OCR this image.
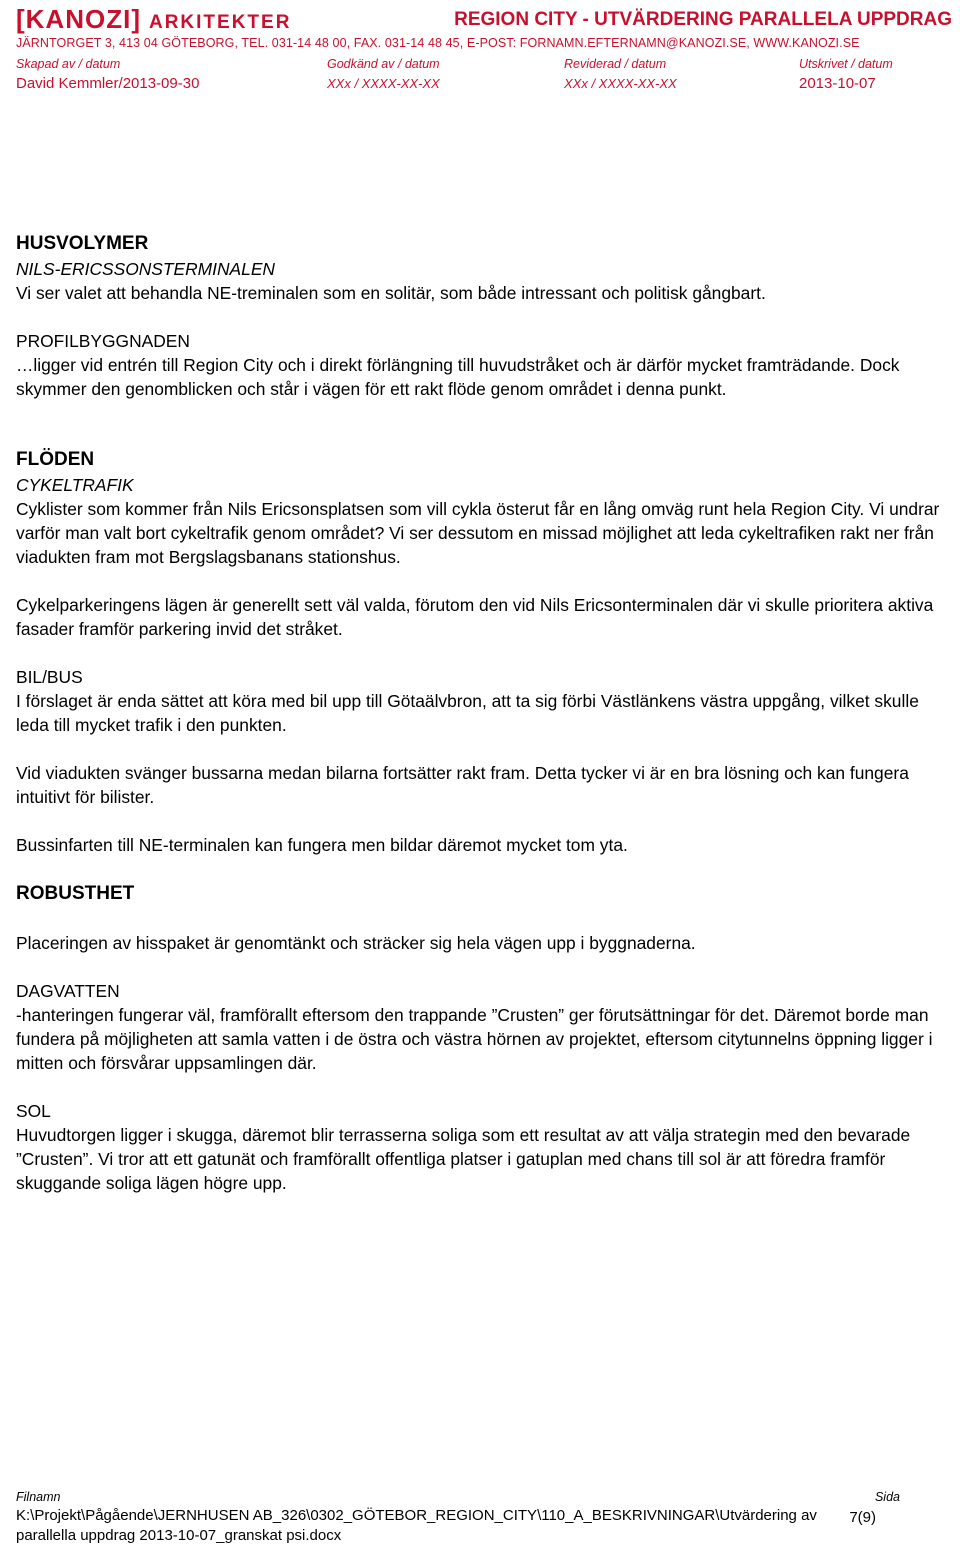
[KANOZI] ARKITEKTER	REGION CITY - UTVÄRDERING PARALLELA UPPDRAG
JÄRNTORGET 3, 413 04 GÖTEBORG, TEL. 031-14 48 00, FAX. 031-14 48 45, E-POST: FORNAMN.EFTERNAMN@KANOZI.SE, WWW.KANOZI.SE
Skapad av / datum
David Kemmler/2013-09-30
Godkänd av / datum
XXx / XXXX-XX-XX
Reviderad / datum
XXx / XXXX-XX-XX
Utskrivet / datum
2013-10-07

HUSVOLYMER

NILS-ERICSSONSTERMINALEN

Vi ser valet att behandla NE-treminalen som en solitär, som både intressant och politisk gångbart.

PROFILBYGGNADEN

…ligger vid entrén till Region City och i direkt förlängning till huvudstråket och är därför mycket framträdande. Dock skymmer den genomblicken och står i vägen för ett rakt flöde genom området i denna punkt.

FLÖDEN

CYKELTRAFIK

Cyklister som kommer från Nils Ericsonsplatsen som vill cykla österut får en lång omväg runt hela Region City. Vi undrar varför man valt bort cykeltrafik genom området? Vi ser dessutom en missad möjlighet att leda cykeltrafiken rakt ner från viadukten fram mot Bergslagsbanans stationshus.

Cykelparkeringens lägen är generellt sett väl valda, förutom den vid Nils Ericsonterminalen där vi skulle prioritera aktiva fasader framför parkering invid det stråket.

BIL/BUS

I förslaget är enda sättet att köra med bil upp till Götaälvbron, att ta sig förbi Västlänkens västra uppgång, vilket skulle leda till mycket trafik i den punkten.

Vid viadukten svänger bussarna medan bilarna fortsätter rakt fram. Detta tycker vi är en bra lösning och kan fungera intuitivt för bilister.

Bussinfarten till NE-terminalen kan fungera men bildar däremot mycket tom yta.

ROBUSTHET

Placeringen av hisspaket är genomtänkt och sträcker sig hela vägen upp i byggnaderna.

DAGVATTEN

-hanteringen fungerar väl, framförallt eftersom den trappande ”Crusten” ger förutsättningar för det. Däremot borde man fundera på möjligheten att samla vatten i de östra och västra hörnen av projektet, eftersom citytunnelns öppning ligger i mitten och försvårar uppsamlingen där.

SOL

Huvudtorgen ligger i skugga, däremot blir terrasserna soliga som ett resultat av att välja strategin med den bevarade ”Crusten”. Vi tror att ett gatunät och framförallt offentliga platser i gatuplan med chans till sol är att föredra framför skuggande soliga lägen högre upp.

Filnamn	Sida
K:\Projekt\Pågående\JERNHUSEN AB_326\0302_GÖTEBOR_REGION_CITY\110_A_BESKRIVNINGAR\Utvärdering av parallella uppdrag 2013-10-07_granskat psi.docx
7(9)
